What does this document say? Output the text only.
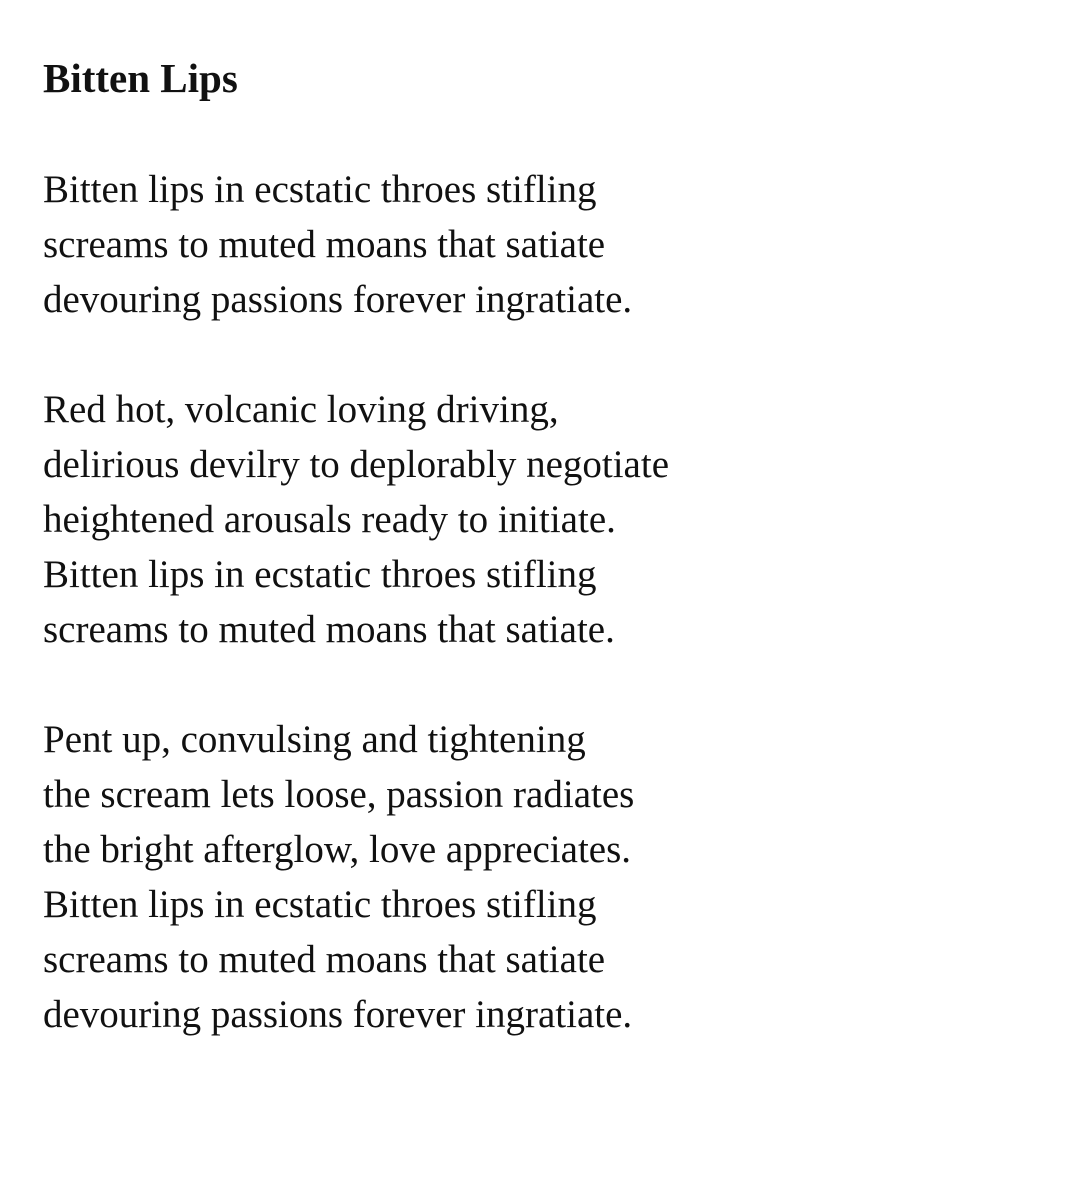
Bitten Lips
Bitten lips in ecstatic throes stifling
screams to muted moans that satiate
devouring passions forever ingratiate.
Red hot, volcanic loving driving,
delirious devilry to deplorably negotiate
heightened arousals ready to initiate.
Bitten lips in ecstatic throes stifling
screams to muted moans that satiate.
Pent up, convulsing and tightening
the scream lets loose, passion radiates
the bright afterglow, love appreciates.
Bitten lips in ecstatic throes stifling
screams to muted moans that satiate
devouring passions forever ingratiate.
